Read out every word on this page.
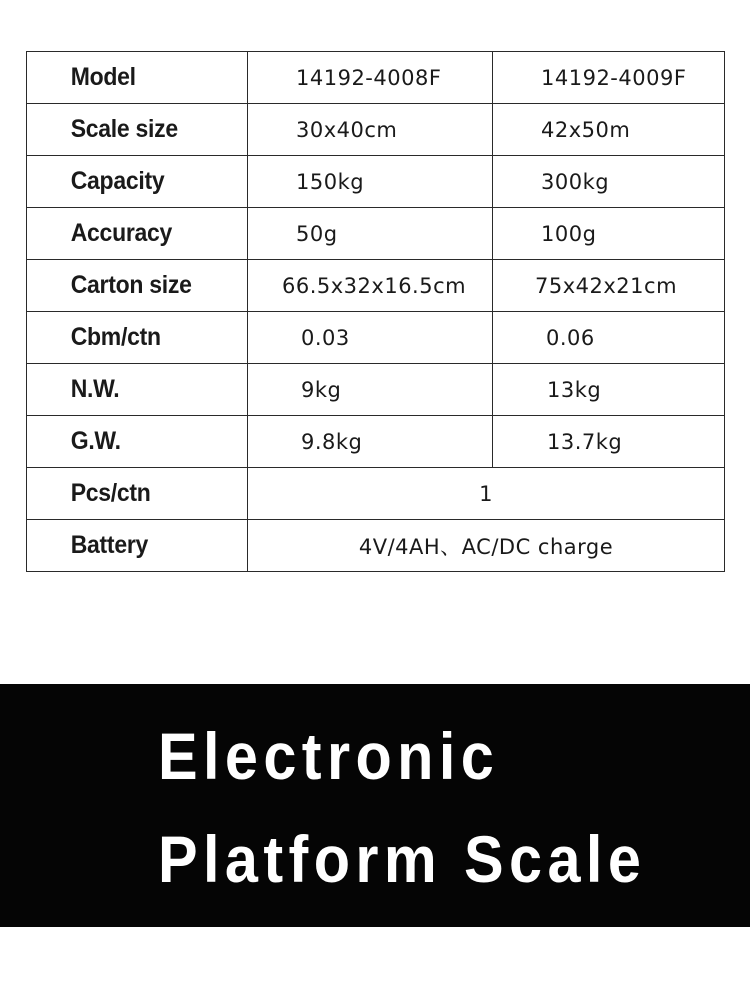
Model	14192-4008F	14192-4009F
Scale size	30x40cm	42x50m
Capacity	150kg	300kg
Accuracy	50g	100g
Carton size	66.5x32x16.5cm	75x42x21cm
Cbm/ctn	0.03	0.06
N.W.	9kg	13kg
G.W.	9.8kg	13.7kg
Pcs/ctn	1	
Battery	4V/4AH、AC/DC charge	
Electronic
Platform Scale
